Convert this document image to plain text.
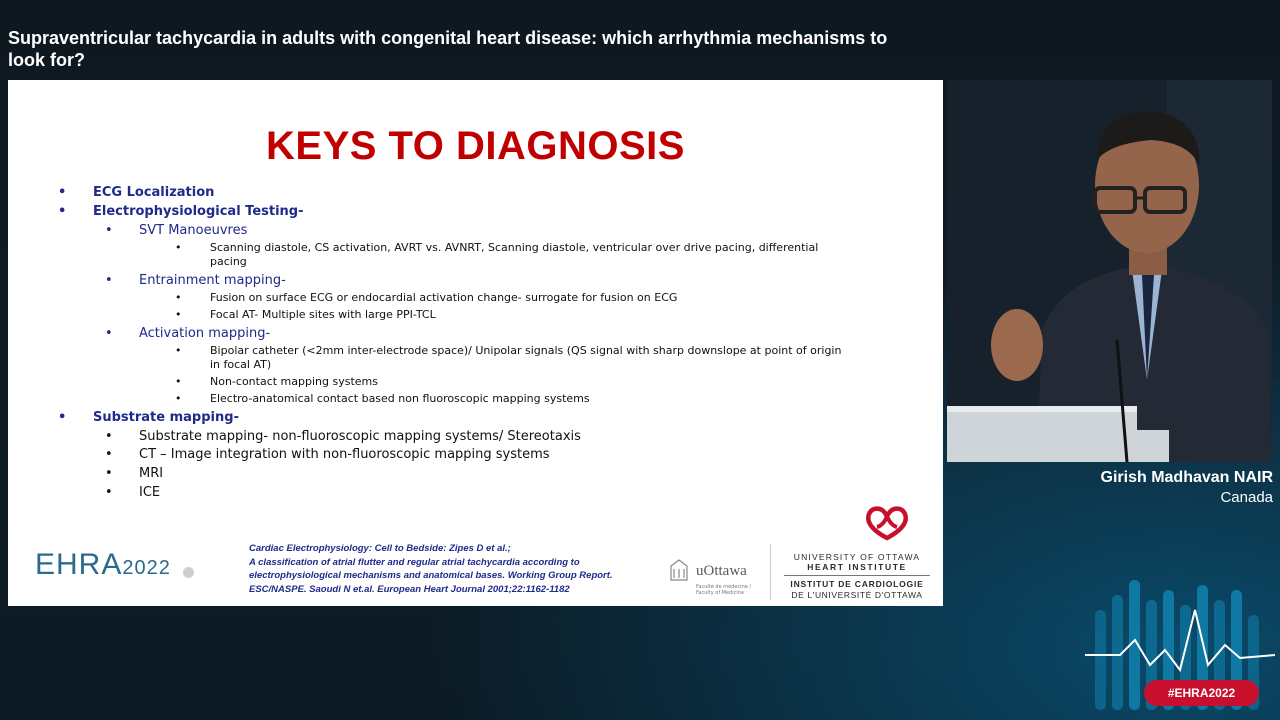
Supraventricular tachycardia in adults with congenital heart disease: which arrhythmia mechanisms to look for?
KEYS TO DIAGNOSIS
• ECG Localization
• Electrophysiological Testing-
• SVT Manoeuvres
•	Scanning diastole, CS activation, AVRT vs. AVNRT, Scanning diastole, ventricular over drive pacing, differential
pacing
• Entrainment mapping-
•	Fusion on surface ECG or endocardial activation change- surrogate for fusion on ECG
•	Focal AT- Multiple sites with large PPI-TCL
• Activation mapping-
•	Bipolar catheter (<2mm inter-electrode space)/ Unipolar signals (QS signal with sharp downslope at point of origin
in focal AT)
•	Non-contact mapping systems
•	Electro-anatomical contact based non fluoroscopic mapping systems
• Substrate mapping-
• Substrate mapping- non-fluoroscopic mapping systems/ Stereotaxis
• CT – Image integration with non-fluoroscopic mapping systems
• MRI
• ICE
EHRA2022
Cardiac Electrophysiology: Cell to Bedside: Zipes D et al.;
A classification of atrial flutter and regular atrial tachycardia according to
electrophysiological mechanisms and anatomical bases. Working Group Report.
ESC/NASPE. Saoudi N et.al. European Heart Journal 2001;22:1162-1182
uOttawa
Faculté de médecine / Faculty of Medicine
UNIVERSITY OF OTTAWA
HEART INSTITUTE
INSTITUT DE CARDIOLOGIE
DE L'UNIVERSITÉ D'OTTAWA
Girish Madhavan NAIR
Canada
#EHRA2022
